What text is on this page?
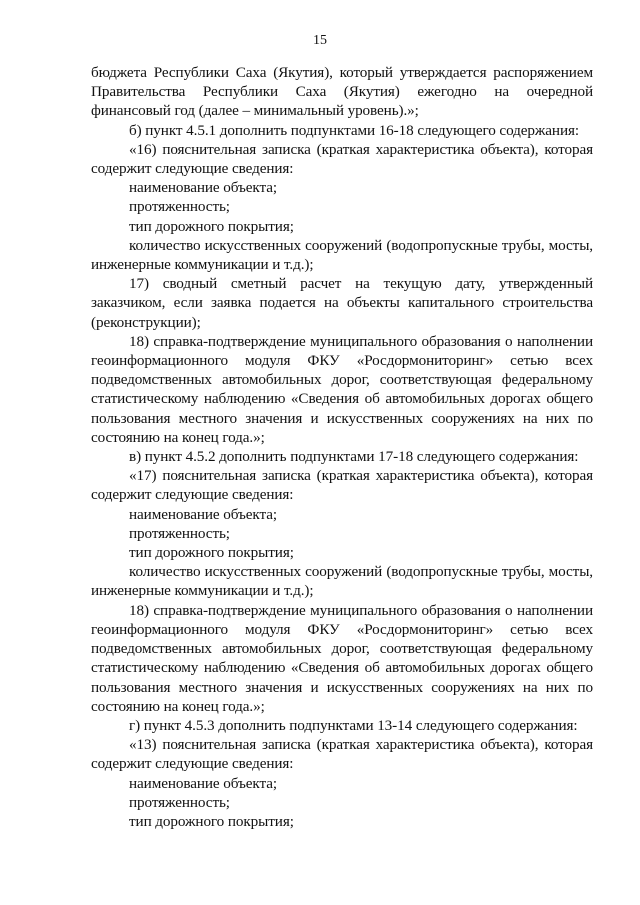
15

бюджета Республики Саха (Якутия), который утверждается распоряжением Правительства Республики Саха (Якутия) ежегодно на очередной финансовый год (далее – минимальный уровень).»;

б) пункт 4.5.1 дополнить подпунктами 16-18 следующего содержания:

«16) пояснительная записка (краткая характеристика объекта), которая содержит следующие сведения:

наименование объекта;

протяженность;

тип дорожного покрытия;

количество искусственных сооружений (водопропускные трубы, мосты, инженерные коммуникации и т.д.);

17) сводный сметный расчет на текущую дату, утвержденный заказчиком, если заявка подается на объекты капитального строительства (реконструкции);

18) справка-подтверждение муниципального образования о наполнении геоинформационного модуля ФКУ «Росдормониторинг» сетью всех подведомственных автомобильных дорог, соответствующая федеральному статистическому наблюдению «Сведения об автомобильных дорогах общего пользования местного значения и искусственных сооружениях на них по состоянию на конец года.»;

в) пункт 4.5.2 дополнить подпунктами 17-18 следующего содержания:

«17) пояснительная записка (краткая характеристика объекта), которая содержит следующие сведения:

наименование объекта;

протяженность;

тип дорожного покрытия;

количество искусственных сооружений (водопропускные трубы, мосты, инженерные коммуникации и т.д.);

18) справка-подтверждение муниципального образования о наполнении геоинформационного модуля ФКУ «Росдормониторинг» сетью всех подведомственных автомобильных дорог, соответствующая федеральному статистическому наблюдению «Сведения об автомобильных дорогах общего пользования местного значения и искусственных сооружениях на них по состоянию на конец года.»;

г) пункт 4.5.3 дополнить подпунктами 13-14 следующего содержания:

«13) пояснительная записка (краткая характеристика объекта), которая содержит следующие сведения:

наименование объекта;

протяженность;

тип дорожного покрытия;
